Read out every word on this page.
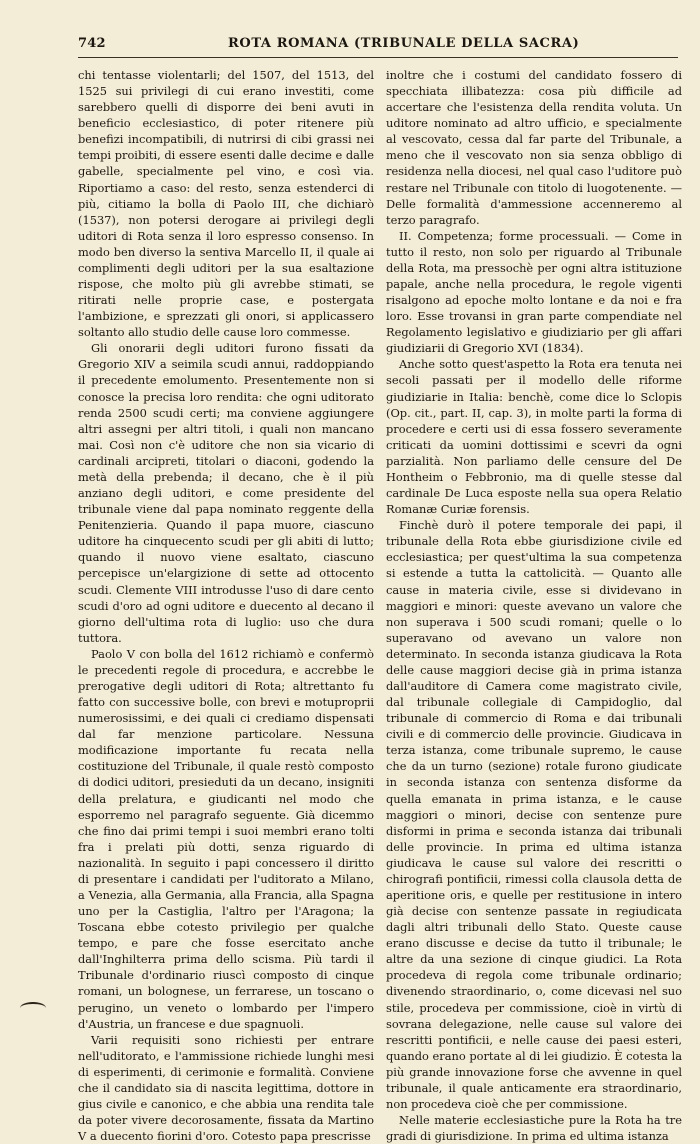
742	ROTA ROMANA (TRIBUNALE DELLA SACRA)

chi tentasse violentarli; del 1507, del 1513, del 1525 sui privilegi di cui erano investiti, come sarebbero quelli di disporre dei beni avuti in beneficio ecclesiastico, di poter ritenere più benefizi incompatibili, di nutrirsi di cibi grassi nei tempi proibiti, di essere esenti dalle decime e dalle gabelle, specialmente pel vino, e così via. Riportiamo a caso: del resto, senza estenderci di più, citiamo la bolla di Paolo III, che dichiarò (1537), non potersi derogare ai privilegi degli uditori di Rota senza il loro espresso consenso. In modo ben diverso la sentiva Marcello II, il quale ai complimenti degli uditori per la sua esaltazione rispose, che molto più gli avrebbe stimati, se ritirati nelle proprie case, e postergata l'ambizione, e sprezzati gli onori, si applicassero soltanto allo studio delle cause loro commesse.

Gli onorarii degli uditori furono fissati da Gregorio XIV a seimila scudi annui, raddoppiando il precedente emolumento. Presentemente non si conosce la precisa loro rendita: che ogni uditorato renda 2500 scudi certi; ma conviene aggiungere altri assegni per altri titoli, i quali non mancano mai. Così non c'è uditore che non sia vicario di cardinali arcipreti, titolari o diaconi, godendo la metà della prebenda; il decano, che è il più anziano degli uditori, e come presidente del tribunale viene dal papa nominato reggente della Penitenzieria. Quando il papa muore, ciascuno uditore ha cinquecento scudi per gli abiti di lutto; quando il nuovo viene esaltato, ciascuno percepisce un'elargizione di sette ad ottocento scudi. Clemente VIII introdusse l'uso di dare cento scudi d'oro ad ogni uditore e duecento al decano il giorno dell'ultima rota di luglio: uso che dura tuttora.

Paolo V con bolla del 1612 richiamò e confermò le precedenti regole di procedura, e accrebbe le prerogative degli uditori di Rota; altrettanto fu fatto con successive bolle, con brevi e motuproprii numerosissimi, e dei quali ci crediamo dispensati dal far menzione particolare. Nessuna modificazione importante fu recata nella costituzione del Tribunale, il quale restò composto di dodici uditori, presieduti da un decano, insigniti della prelatura, e giudicanti nel modo che esporremo nel paragrafo seguente. Già dicemmo che fino dai primi tempi i suoi membri erano tolti fra i prelati più dotti, senza riguardo di nazionalità. In seguito i papi concessero il diritto di presentare i candidati per l'uditorato a Milano, a Venezia, alla Germania, alla Francia, alla Spagna uno per la Castiglia, l'altro per l'Aragona; la Toscana ebbe cotesto privilegio per qualche tempo, e pare che fosse esercitato anche dall'Inghilterra prima dello scisma. Più tardi il Tribunale d'ordinario riuscì composto di cinque romani, un bolognese, un ferrarese, un toscano o perugino, un veneto o lombardo per l'impero d'Austria, un francese e due spagnuoli.

Varii requisiti sono richiesti per entrare nell'uditorato, e l'ammissione richiede lunghi mesi di esperimenti, di cerimonie e formalità. Conviene che il candidato sia di nascita legittima, dottore in gius civile e canonico, e che abbia una rendita tale da poter vivere decorosamente, fissata da Martino V a duecento fiorini d'oro. Cotesto papa prescrisse

inoltre che i costumi del candidato fossero di specchiata illibatezza: cosa più difficile ad accertare che l'esistenza della rendita voluta. Un uditore nominato ad altro ufficio, e specialmente al vescovato, cessa dal far parte del Tribunale, a meno che il vescovato non sia senza obbligo di residenza nella diocesi, nel qual caso l'uditore può restare nel Tribunale con titolo di luogotenente. — Delle formalità d'ammessione accenneremo al terzo paragrafo.

II. Competenza; forme processuali. — Come in tutto il resto, non solo per riguardo al Tribunale della Rota, ma pressochè per ogni altra istituzione papale, anche nella procedura, le regole vigenti risalgono ad epoche molto lontane e da noi e fra loro. Esse trovansi in gran parte compendiate nel Regolamento legislativo e giudiziario per gli affari giudiziarii di Gregorio XVI (1834).

Anche sotto quest'aspetto la Rota era tenuta nei secoli passati per il modello delle riforme giudiziarie in Italia: benchè, come dice lo Sclopis (Op. cit., part. II, cap. 3), in molte parti la forma di procedere e certi usi di essa fossero severamente criticati da uomini dottissimi e scevri da ogni parzialità. Non parliamo delle censure del De Hontheim o Febbronio, ma di quelle stesse dal cardinale De Luca esposte nella sua opera Relatio Romanæ Curiæ forensis.

Finchè durò il potere temporale dei papi, il tribunale della Rota ebbe giurisdizione civile ed ecclesiastica; per quest'ultima la sua competenza si estende a tutta la cattolicità. — Quanto alle cause in materia civile, esse si dividevano in maggiori e minori: queste avevano un valore che non superava i 500 scudi romani; quelle o lo superavano od avevano un valore non determinato. In seconda istanza giudicava la Rota delle cause maggiori decise già in prima istanza dall'auditore di Camera come magistrato civile, dal tribunale collegiale di Campidoglio, dal tribunale di commercio di Roma e dai tribunali civili e di commercio delle provincie. Giudicava in terza istanza, come tribunale supremo, le cause che da un turno (sezione) rotale furono giudicate in seconda istanza con sentenza disforme da quella emanata in prima istanza, e le cause maggiori o minori, decise con sentenze pure disformi in prima e seconda istanza dai tribunali delle provincie. In prima ed ultima istanza giudicava le cause sul valore dei rescritti o chirografi pontificii, rimessi colla clausola detta de aperitione oris, e quelle per restitusione in intero già decise con sentenze passate in regiudicata dagli altri tribunali dello Stato. Queste cause erano discusse e decise da tutto il tribunale; le altre da una sezione di cinque giudici. La Rota procedeva di regola come tribunale ordinario; divenendo straordinario, o, come dicevasi nel suo stile, procedeva per commissione, cioè in virtù di sovrana delegazione, nelle cause sul valore dei rescritti pontificii, e nelle cause dei paesi esteri, quando erano portate al di lei giudizio. È cotesta la più grande innovazione forse che avvenne in quel tribunale, il quale anticamente era straordinario, non procedeva cioè che per commissione.

Nelle materie ecclesiastiche pure la Rota ha tre gradi di giurisdizione. In prima ed ultima istanza
